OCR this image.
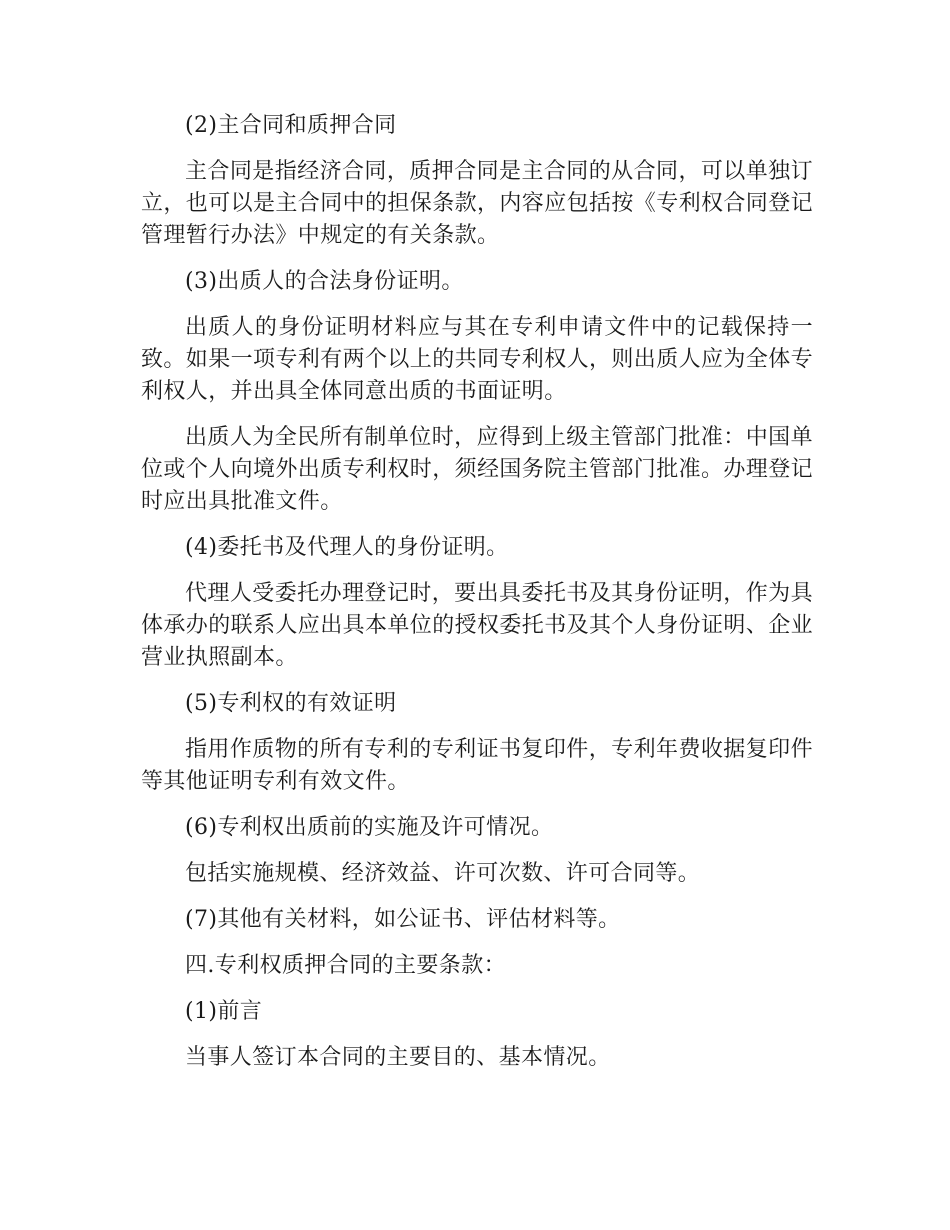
(2)主合同和质押合同

主合同是指经济合同，质押合同是主合同的从合同，可以单独订立，也可以是主合同中的担保条款，内容应包括按《专利权合同登记管理暂行办法》中规定的有关条款。

(3)出质人的合法身份证明。

出质人的身份证明材料应与其在专利申请文件中的记载保持一致。如果一项专利有两个以上的共同专利权人，则出质人应为全体专利权人，并出具全体同意出质的书面证明。

出质人为全民所有制单位时，应得到上级主管部门批准：中国单位或个人向境外出质专利权时，须经国务院主管部门批准。办理登记时应出具批准文件。

(4)委托书及代理人的身份证明。

代理人受委托办理登记时，要出具委托书及其身份证明，作为具体承办的联系人应出具本单位的授权委托书及其个人身份证明、企业营业执照副本。

(5)专利权的有效证明

指用作质物的所有专利的专利证书复印件，专利年费收据复印件等其他证明专利有效文件。

(6)专利权出质前的实施及许可情况。

包括实施规模、经济效益、许可次数、许可合同等。

(7)其他有关材料，如公证书、评估材料等。

四.专利权质押合同的主要条款：

(1)前言

当事人签订本合同的主要目的、基本情况。
